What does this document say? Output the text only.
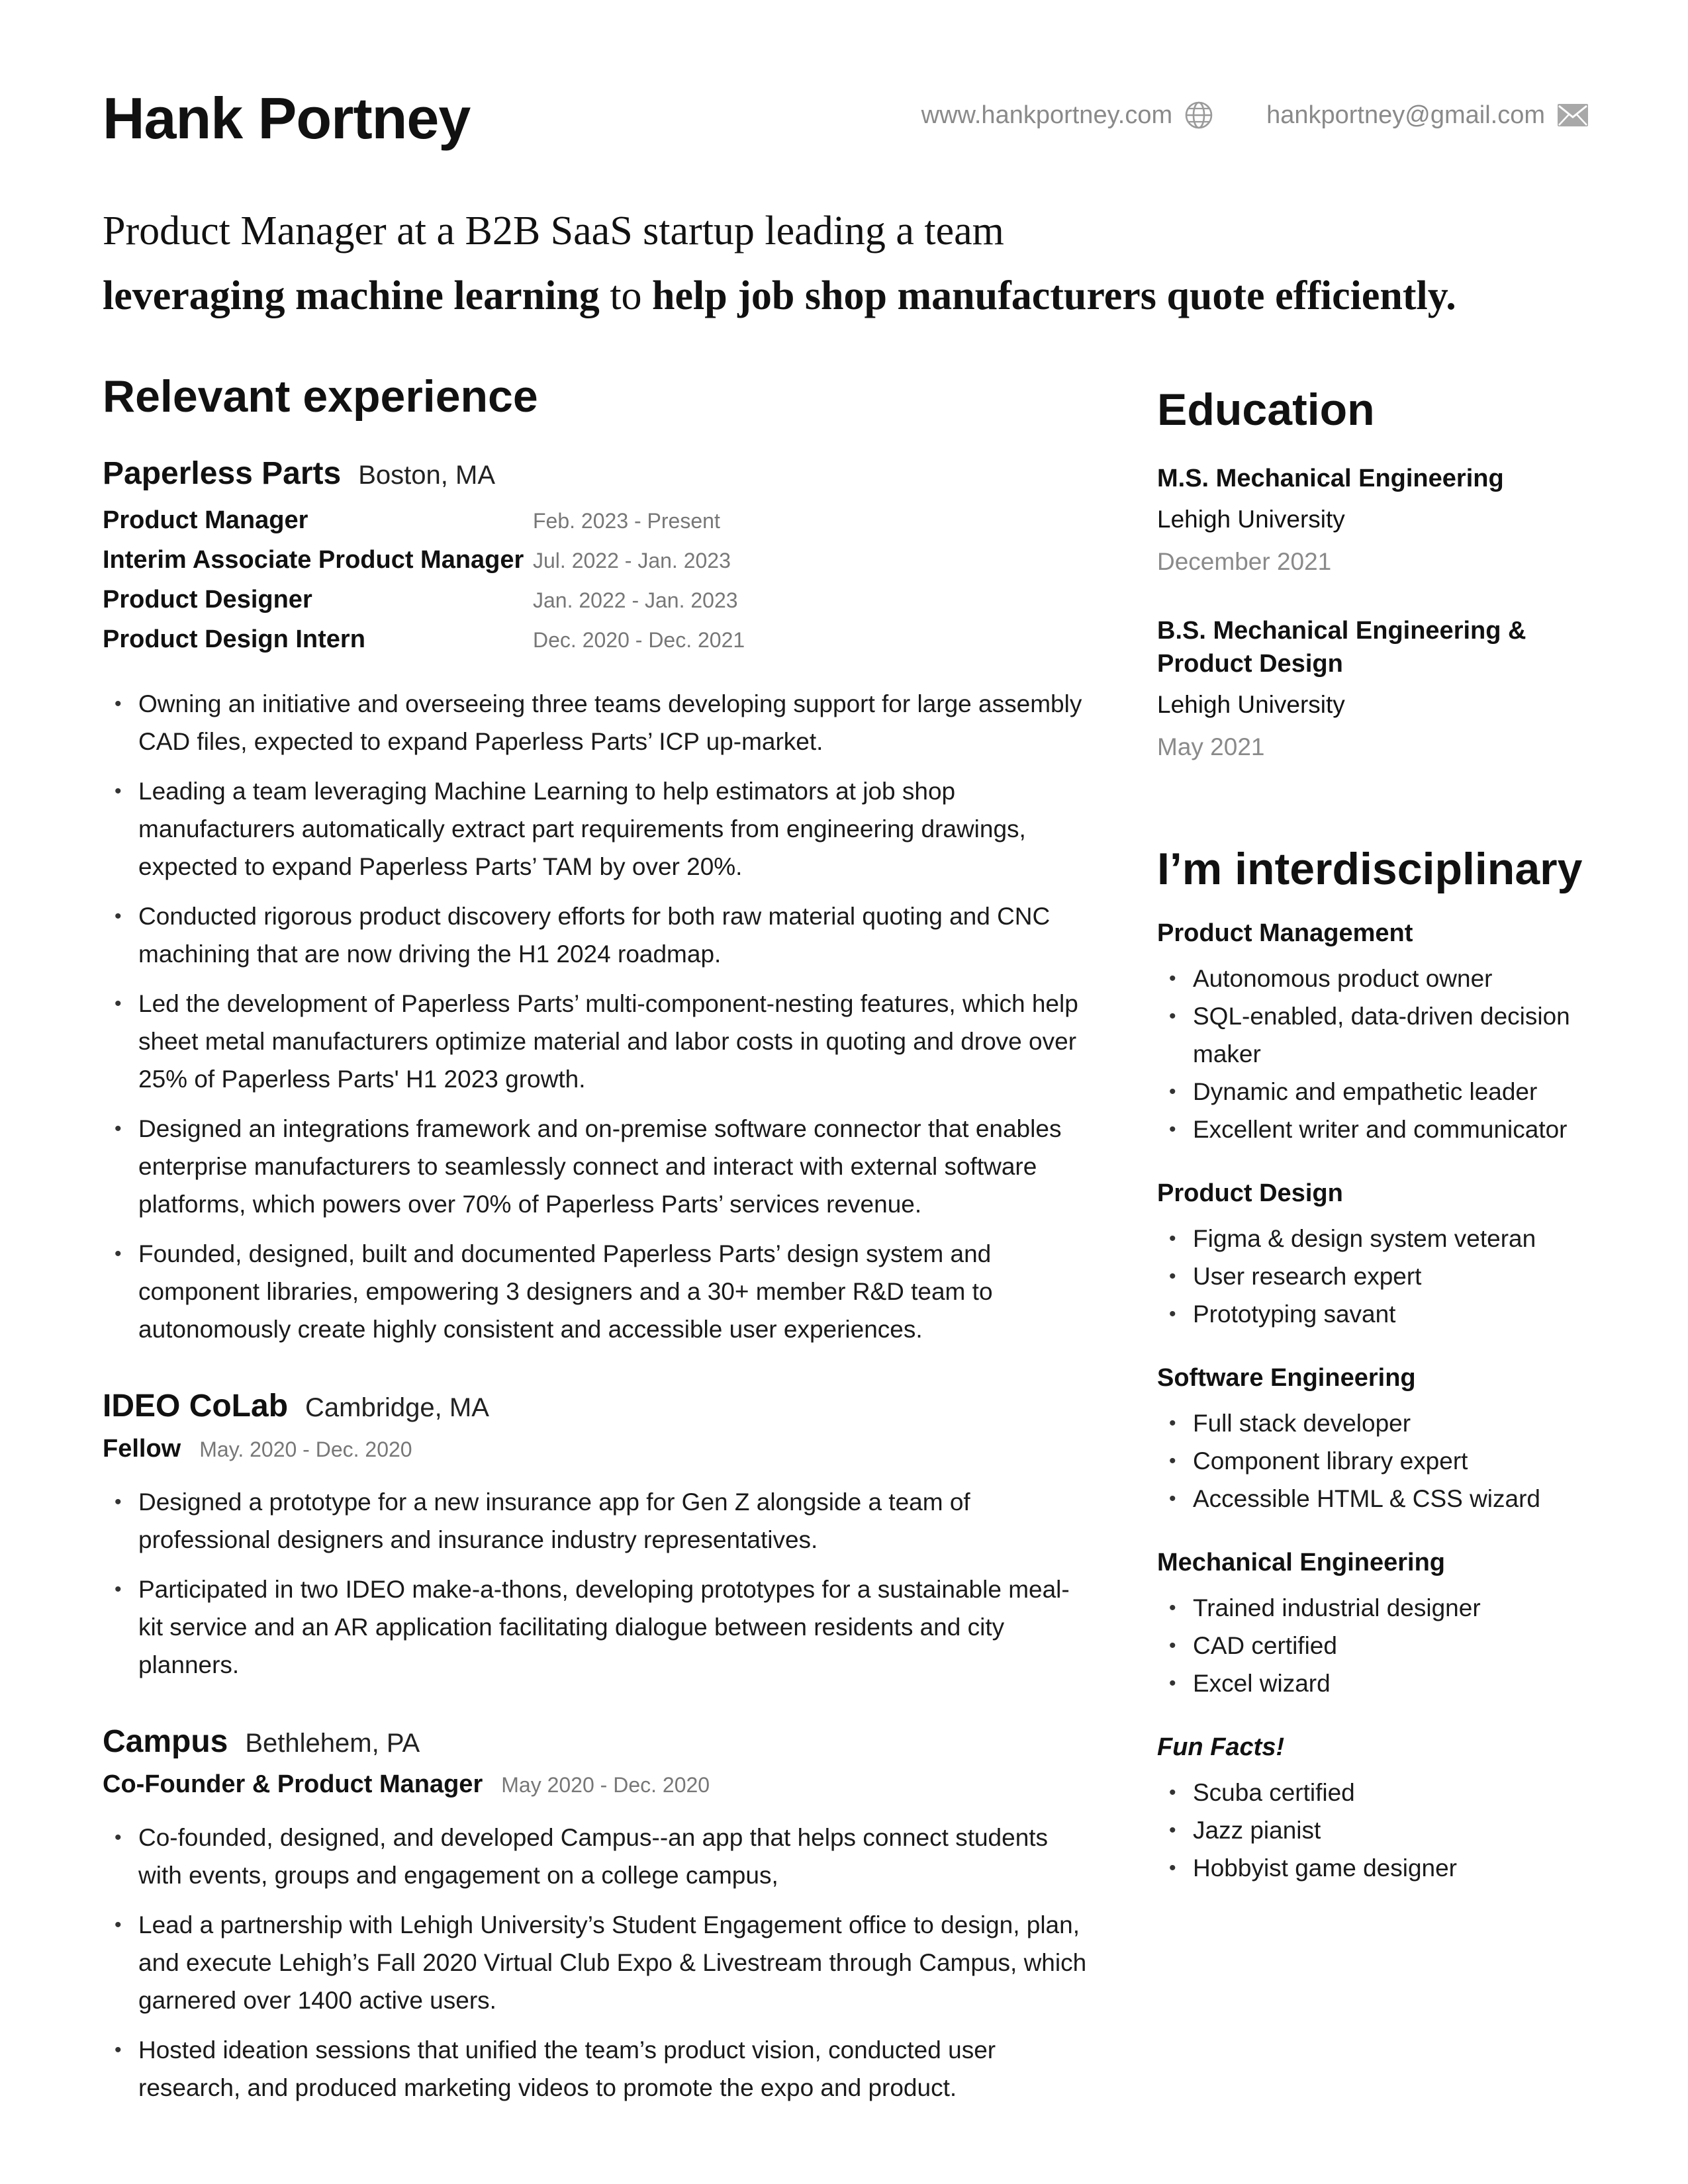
Hank Portney	www.hankportney.com	hankportney@gmail.com
Product Manager at a B2B SaaS startup leading a team
leveraging machine learning to help job shop manufacturers quote efficiently.
Relevant experience
Paperless Parts Boston, MA
Product Manager	Feb. 2023 - Present
Interim Associate Product Manager Jul. 2022 - Jan. 2023
Product Designer	Jan. 2022 - Jan. 2023
Product Design Intern	Dec. 2020 - Dec. 2021
• Owning an initiative and overseeing three teams developing support for large assembly CAD files, expected to expand Paperless Parts’ ICP up-market.
• Leading a team leveraging Machine Learning to help estimators at job shop manufacturers automatically extract part requirements from engineering drawings, expected to expand Paperless Parts’ TAM by over 20%.
• Conducted rigorous product discovery efforts for both raw material quoting and CNC machining that are now driving the H1 2024 roadmap.
• Led the development of Paperless Parts’ multi-component-nesting features, which help sheet metal manufacturers optimize material and labor costs in quoting and drove over 25% of Paperless Parts' H1 2023 growth.
• Designed an integrations framework and on-premise software connector that enables enterprise manufacturers to seamlessly connect and interact with external software platforms, which powers over 70% of Paperless Parts’ services revenue.
• Founded, designed, built and documented Paperless Parts’ design system and component libraries, empowering 3 designers and a 30+ member R&D team to autonomously create highly consistent and accessible user experiences.
IDEO CoLab Cambridge, MA
Fellow May. 2020 - Dec. 2020
• Designed a prototype for a new insurance app for Gen Z alongside a team of professional designers and insurance industry representatives.
• Participated in two IDEO make-a-thons, developing prototypes for a sustainable meal-kit service and an AR application facilitating dialogue between residents and city planners.
Campus Bethlehem, PA
Co-Founder & Product Manager May 2020 - Dec. 2020
• Co-founded, designed, and developed Campus--an app that helps connect students with events, groups and engagement on a college campus,
• Lead a partnership with Lehigh University’s Student Engagement office to design, plan, and execute Lehigh’s Fall 2020 Virtual Club Expo & Livestream through Campus, which garnered over 1400 active users.
• Hosted ideation sessions that unified the team’s product vision, conducted user research, and produced marketing videos to promote the expo and product.
Education
M.S. Mechanical Engineering
Lehigh University
December 2021
B.S. Mechanical Engineering & Product Design
Lehigh University
May 2021
I’m interdisciplinary
Product Management
• Autonomous product owner
• SQL-enabled, data-driven decision maker
• Dynamic and empathetic leader
• Excellent writer and communicator
Product Design
• Figma & design system veteran
• User research expert
• Prototyping savant
Software Engineering
• Full stack developer
• Component library expert
• Accessible HTML & CSS wizard
Mechanical Engineering
• Trained industrial designer
• CAD certified
• Excel wizard
Fun Facts!
• Scuba certified
• Jazz pianist
• Hobbyist game designer
